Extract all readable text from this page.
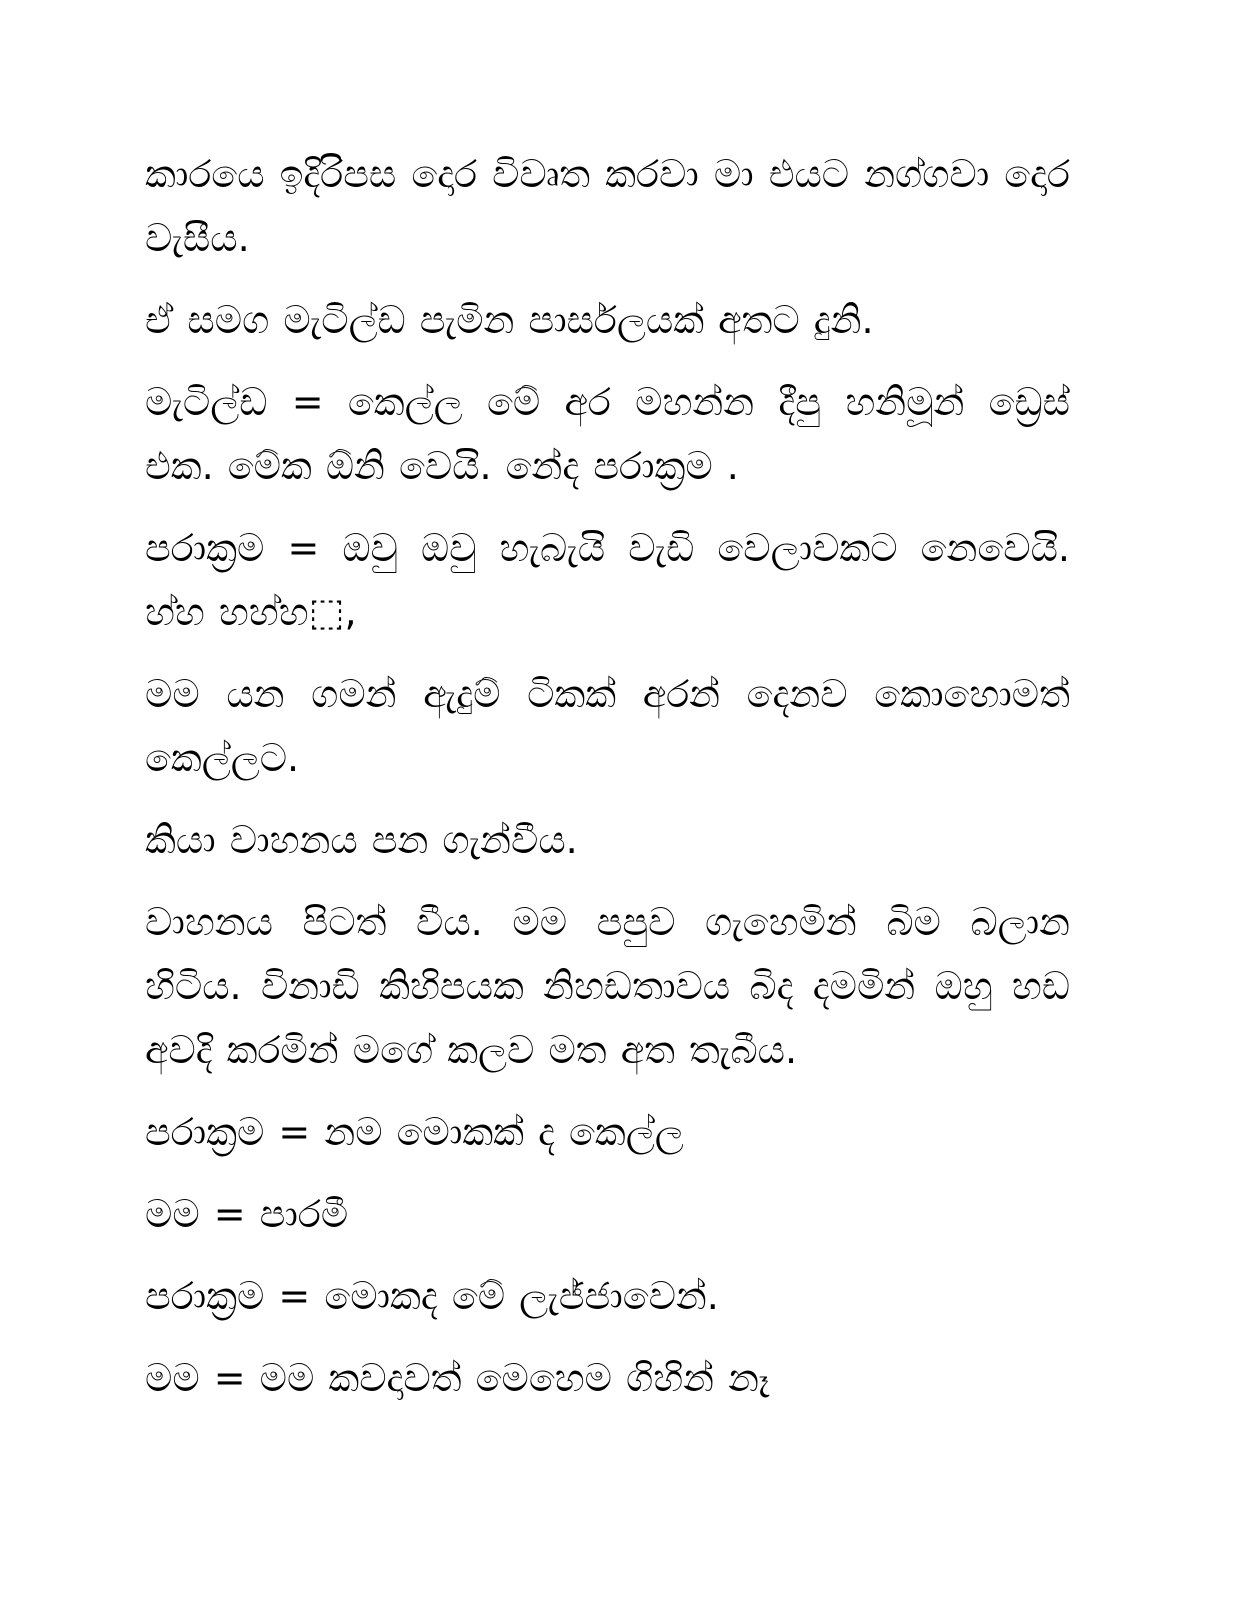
කාරයෙ ඉදිරිපස දොර විවෘත කරවා මා එයට නග්ගවා දොර වැසීය.

ඒ සමග මැටිල්ඩ පැමින පාර්සලයක් අතට දුනි.

මැටිල්ඩ = කෙල්ල මේ අර මහන්න දීපු හනිමූන් ඩ්‍රෙස් එක. මේක ඕනි වෙයි. නේද පරාක්‍රම .

පරාක්‍රම = ඔවු ඔවු හැබැයි වැඩි වෙලාවකට නෙවෙයි. හ්හ හහ්හ⬚,

මම යන ගමන් ඇදුම් ටිකක් අරන් දෙනව කොහොමත් කෙල්ලට.

කියා වාහනය පන ගැන්වීය.

වාහනය පිටත් වීය. මම පපුව ගැහෙමින් බිම බලාන හිටිය. විනාඩි කිහිපයක නිහඩතාවය බිද දමමින් ඔහු හඩ අවදි කරමින් මගේ කලව මත අත තැබීය.

පරාක්‍රම = නම මොකක් ද කෙල්ල

මම = පාරමී

පරාක්‍රම = මොකද මේ ලැජ්ජාවෙන්.

මම = මම කවදාවත් මෙහෙම ගිහින් නෑ
